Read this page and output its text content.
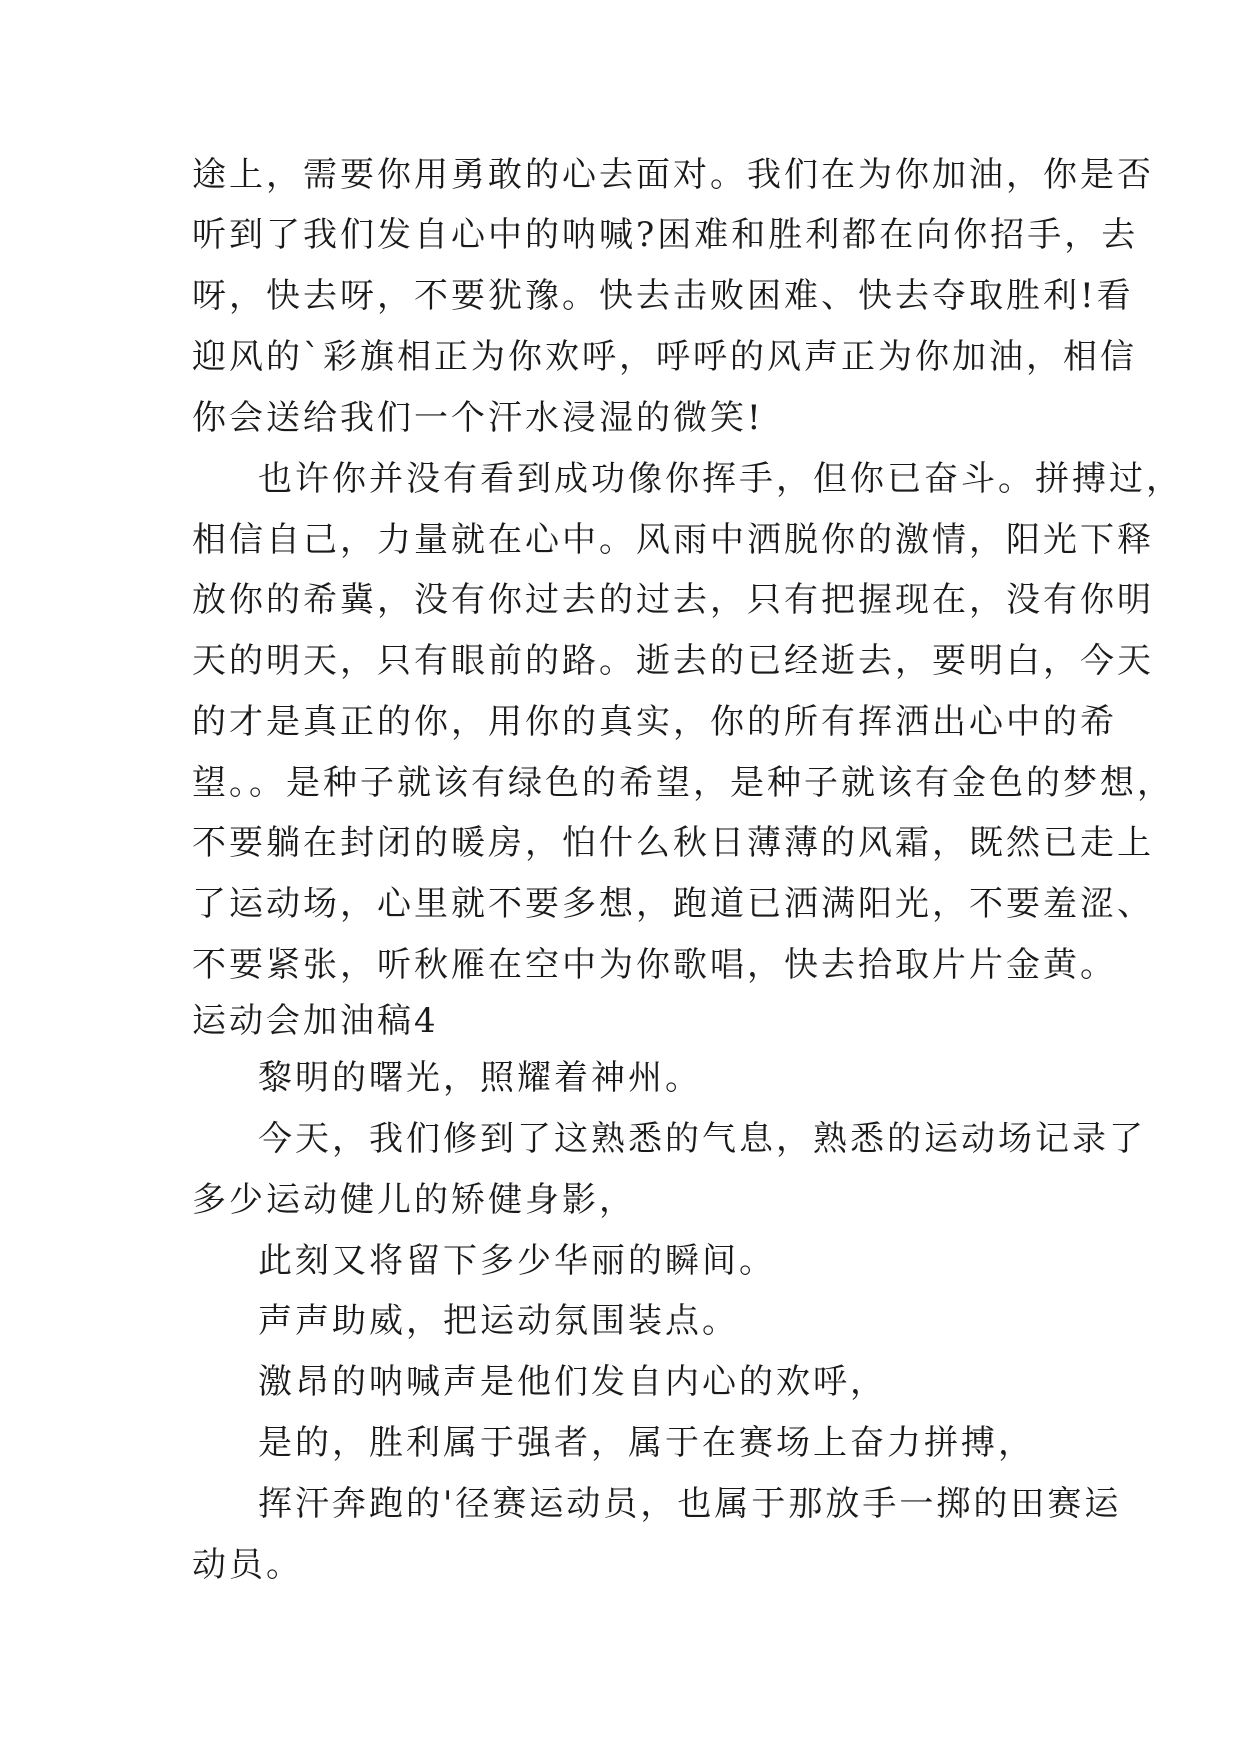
途上，需要你用勇敢的心去面对。我们在为你加油，你是否
听到了我们发自心中的呐喊?困难和胜利都在向你招手，去
呀，快去呀，不要犹豫。快去击败困难、快去夺取胜利!看
迎风的`彩旗相正为你欢呼，呼呼的风声正为你加油，相信
你会送给我们一个汗水浸湿的微笑!
也许你并没有看到成功像你挥手，但你已奋斗。拼搏过，
相信自己，力量就在心中。风雨中洒脱你的激情，阳光下释
放你的希冀，没有你过去的过去，只有把握现在，没有你明
天的明天，只有眼前的路。逝去的已经逝去，要明白，今天
的才是真正的你，用你的真实，你的所有挥洒出心中的希
望。。是种子就该有绿色的希望，是种子就该有金色的梦想，
不要躺在封闭的暖房，怕什么秋日薄薄的风霜，既然已走上
了运动场，心里就不要多想，跑道已洒满阳光，不要羞涩、
不要紧张，听秋雁在空中为你歌唱，快去拾取片片金黄。
运动会加油稿4
黎明的曙光，照耀着神州。
今天，我们修到了这熟悉的气息，熟悉的运动场记录了
多少运动健儿的矫健身影，
此刻又将留下多少华丽的瞬间。
声声助威，把运动氛围装点。
激昂的呐喊声是他们发自内心的欢呼，
是的，胜利属于强者，属于在赛场上奋力拼搏，
挥汗奔跑的'径赛运动员，也属于那放手一掷的田赛运
动员。
